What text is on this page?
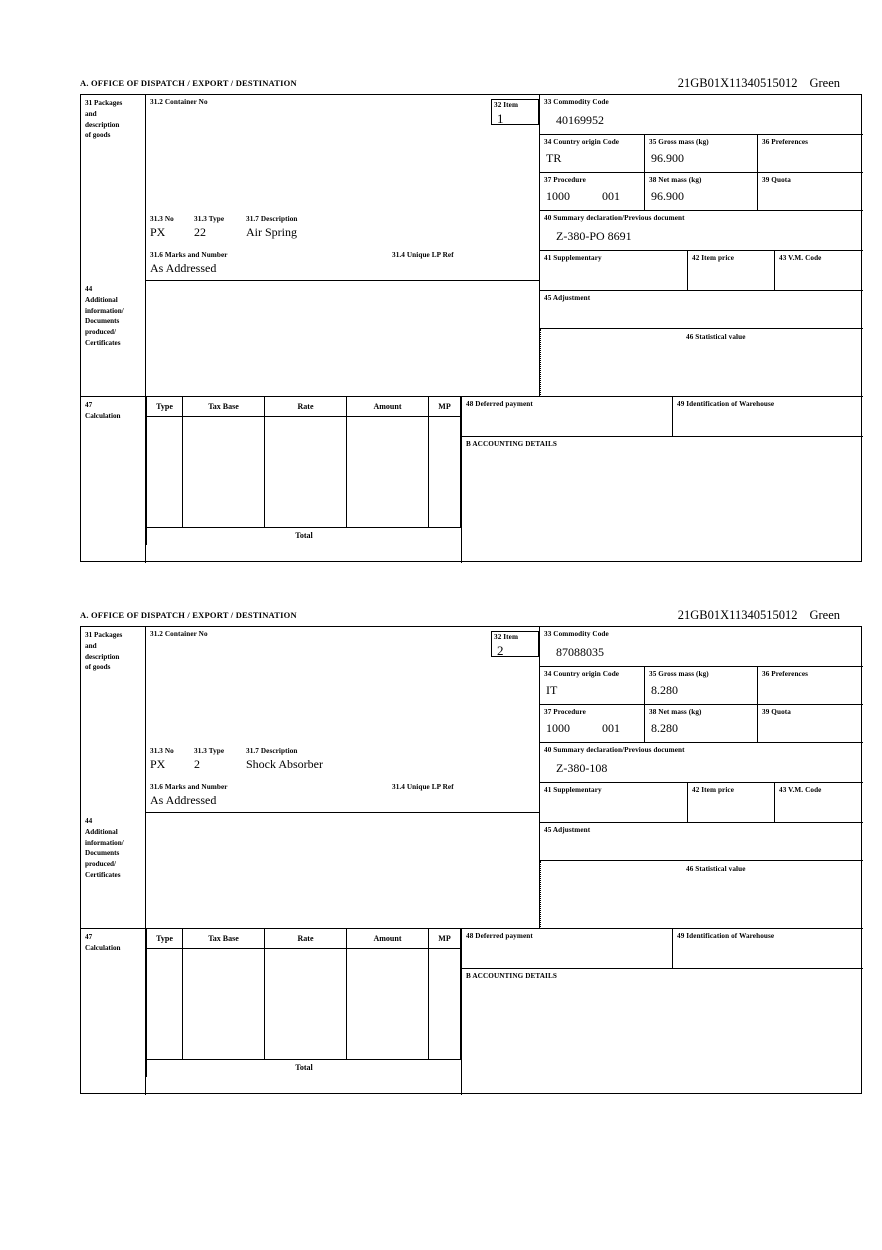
A. OFFICE OF DISPATCH / EXPORT / DESTINATION	21GB01X11340515012 Green
31 Packages
and
description
of goods
31.2 Container No
31.3 No	31.3 Type	31.7 Description
PX 22	Air Spring
31.6 Marks and Number	31.4 Unique LP Ref
As Addressed
32 Item
1
33 Commodity Code
40169952
34 Country origin Code
TR
35 Gross mass (kg)
96.900
36 Preferences
37 Procedure
1000	001
38 Net mass (kg)
96.900
39 Quota
40 Summary declaration/Previous document
Z-380-PO 8691
41 Supplementary	42 Item price	43 V.M. Code
45 Adjustment
46 Statistical value
44
Additional
information/
Documents
produced/
Certificates
47
Calculation
Type	Tax Base	Rate	Amount	MP
Total
48 Deferred payment	49 Identification of Warehouse
B ACCOUNTING DETAILS
A. OFFICE OF DISPATCH / EXPORT / DESTINATION	21GB01X11340515012 Green
31 Packages
and
description
of goods
31.2 Container No
31.3 No	31.3 Type	31.7 Description
PX 2	Shock Absorber
31.6 Marks and Number	31.4 Unique LP Ref
As Addressed
32 Item
2
33 Commodity Code
87088035
34 Country origin Code
IT
35 Gross mass (kg)
8.280
36 Preferences
37 Procedure
1000	001
38 Net mass (kg)
8.280
39 Quota
40 Summary declaration/Previous document
Z-380-108
41 Supplementary	42 Item price	43 V.M. Code
45 Adjustment
46 Statistical value
44
Additional
information/
Documents
produced/
Certificates
47
Calculation
Type	Tax Base	Rate	Amount	MP
Total
48 Deferred payment	49 Identification of Warehouse
B ACCOUNTING DETAILS
